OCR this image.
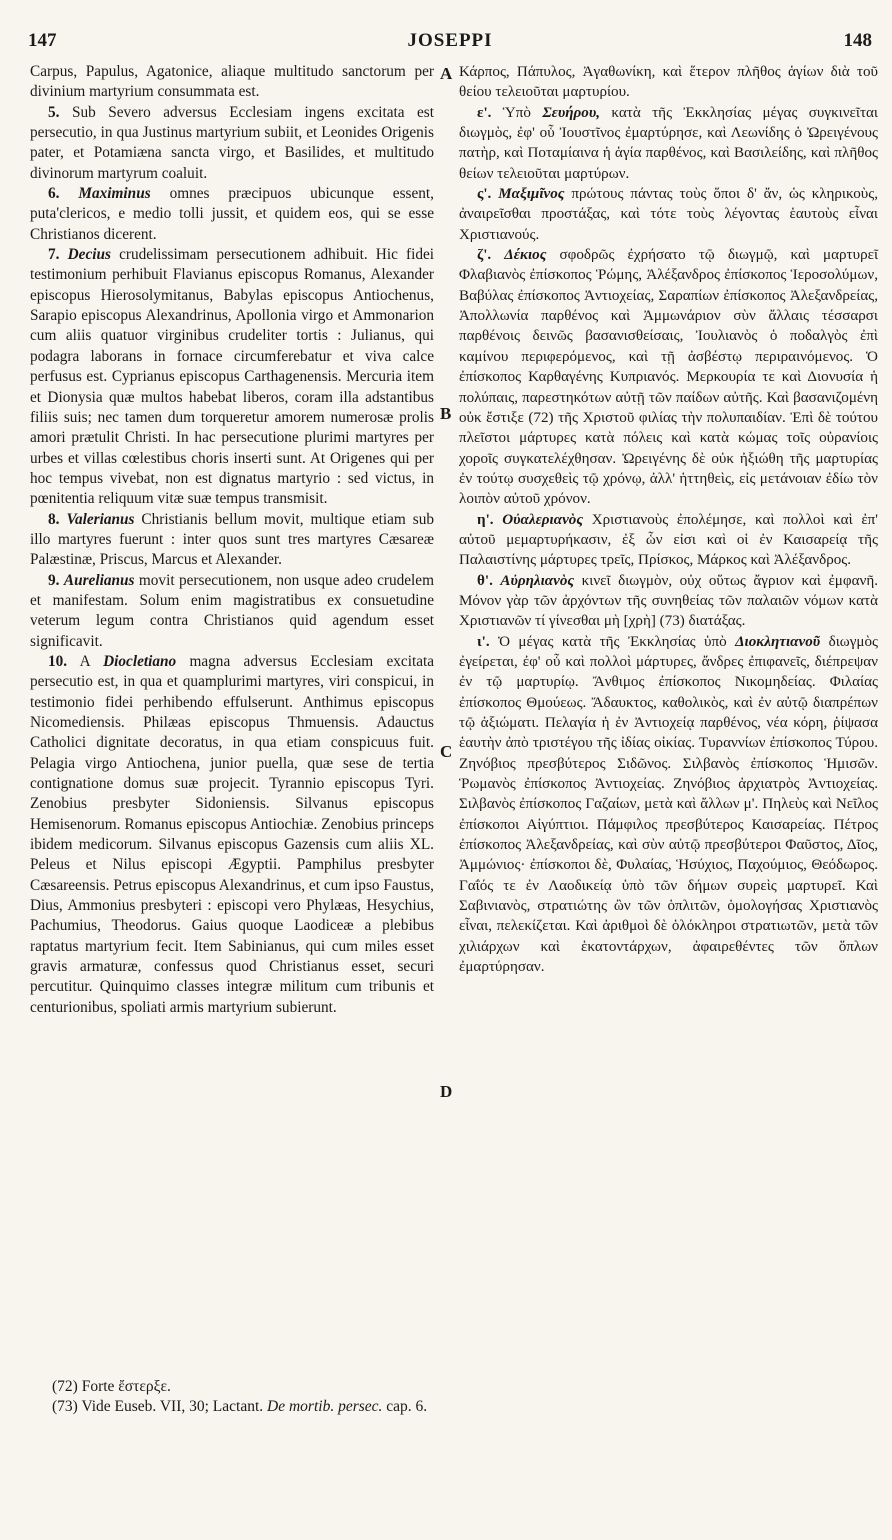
147	JOSEPPI	148

Carpus, Papulus, Agatonice, aliaque multitudo sanctorum per divinium martyrium consummata est.

5. Sub Severo adversus Ecclesiam ingens excitata est persecutio, in qua Justinus martyrium subiit, et Leonides Origenis pater, et Potamiæna sancta virgo, et Basilides, et multitudo divinorum martyrum coaluit.

6. Maximinus omnes præcipuos ubicunque essent, puta'clericos, e medio tolli jussit, et quidem eos, qui se esse Christianos dicerent.

7. Decius crudelissimam persecutionem adhibuit. Hic fidei testimonium perhibuit Flavianus episcopus Romanus, Alexander episcopus Hierosolymitanus, Babylas episcopus Antiochenus, Sarapio episcopus Alexandrinus, Apollonia virgo et Ammonarion cum aliis quatuor virginibus crudeliter tortis : Julianus, qui podagra laborans in fornace circumferebatur et viva calce perfusus est. Cyprianus episcopus Carthagenensis. Mercuria item et Dionysia quæ multos habebat liberos, coram illa adstantibus filiis suis; nec tamen dum torqueretur amorem numerosæ prolis amori prætulit Christi. In hac persecutione plurimi martyres per urbes et villas cœlestibus choris inserti sunt. At Origenes qui per hoc tempus vivebat, non est dignatus martyrio : sed victus, in pœnitentia reliquum vitæ suæ tempus transmisit.

8. Valerianus Christianis bellum movit, multique etiam sub illo martyres fuerunt : inter quos sunt tres martyres Cæsareæ Palæstinæ, Priscus, Marcus et Alexander.

9. Aurelianus movit persecutionem, non usque adeo crudelem et manifestam. Solum enim magistratibus ex consuetudine veterum legum contra Christianos quid agendum esset significavit.

10. A Diocletiano magna adversus Ecclesiam excitata persecutio est, in qua et quamplurimi martyres, viri conspicui, in testimonio fidei perhibendo effulserunt. Anthimus episcopus Nicomediensis. Philæas episcopus Thmuensis. Adauctus Catholici dignitate decoratus, in qua etiam conspicuus fuit. Pelagia virgo Antiochena, junior puella, quæ sese de tertia contignatione domus suæ projecit. Tyrannio episcopus Tyri. Zenobius presbyter Sidoniensis. Silvanus episcopus Hemisenorum. Romanus episcopus Antiochiæ. Zenobius princeps ibidem medicorum. Silvanus episcopus Gazensis cum aliis XL. Peleus et Nilus episcopi Ægyptii. Pamphilus presbyter Cæsareensis. Petrus episcopus Alexandrinus, et cum ipso Faustus, Dius, Ammonius presbyteri : episcopi vero Phylæas, Hesychius, Pachumius, Theodorus. Gaius quoque Laodiceæ a plebibus raptatus martyrium fecit. Item Sabinianus, qui cum miles esset gravis armaturæ, confessus quod Christianus esset, securi percutitur. Quinquimo classes integræ militum cum tribunis et centurionibus, spoliati armis martyrium subierunt.

A
B
C
D

Κάρπος, Πάπυλος, Ἀγαθωνίκη, καὶ ἕτερον πλῆθος ἁγίων διὰ τοῦ θείου τελειοῦται μαρτυρίου.

ε'. Ὑπὸ Σευήρου, κατὰ τῆς Ἐκκλησίας μέγας συγκινεῖται διωγμὸς, ἐφ' οὗ Ἰουστῖνος ἐμαρτύρησε, καὶ Λεωνίδης ὁ Ὠρειγένους πατὴρ, καὶ Ποταμίαινα ἡ ἁγία παρθένος, καὶ Βασιλείδης, καὶ πλῆθος θείων τελειοῦται μαρτύρων.

ς'. Μαξιμῖνος πρώτους πάντας τοὺς ὅποι δ' ἄν, ὡς κληρικοὺς, ἀναιρεῖσθαι προστάξας, καὶ τότε τοὺς λέγοντας ἑαυτοὺς εἶναι Χριστιανούς.

ζ'. Δέκιος σφοδρῶς ἐχρήσατο τῷ διωγμῷ, καὶ μαρτυρεῖ Φλαβιανὸς ἐπίσκοπος Ῥώμης, Ἀλέξανδρος ἐπίσκοπος Ἱεροσολύμων, Βαβύλας ἐπίσκοπος Ἀντιοχείας, Σαραπίων ἐπίσκοπος Ἀλεξανδρείας, Ἀπολλωνία παρθένος καὶ Ἀμμωνάριον σὺν ἄλλαις τέσσαρσι παρθένοις δεινῶς βασανισθείσαις, Ἰουλιανὸς ὁ ποδαλγὸς ἐπὶ καμίνου περιφερόμενος, καὶ τῇ ἀσβέστῳ περιραινόμενος. Ὁ ἐπίσκοπος Καρθαγένης Κυπριανός. Μερκουρία τε καὶ Διονυσία ἡ πολύπαις, παρεστηκότων αὐτῇ τῶν παίδων αὐτῆς. Καὶ βασανιζομένη οὐκ ἔστιξε (72) τῆς Χριστοῦ φιλίας τὴν πολυπαιδίαν. Ἐπὶ δὲ τούτου πλεῖστοι μάρτυρες κατὰ πόλεις καὶ κατὰ κώμας τοῖς οὐρανίοις χοροῖς συγκατελέχθησαν. Ὠρειγένης δὲ οὐκ ἠξιώθη τῆς μαρτυρίας ἐν τούτῳ συσχεθεὶς τῷ χρόνῳ, ἀλλ' ἡττηθεὶς, εἰς μετάνοιαν ἐδίω τὸν λοιπὸν αὐτοῦ χρόνον.

η'. Οὐαλεριανὸς Χριστιανοὺς ἐπολέμησε, καὶ πολλοὶ καὶ ἐπ' αὐτοῦ μεμαρτυρήκασιν, ἐξ ὧν εἰσι καὶ οἱ ἐν Καισαρείᾳ τῆς Παλαιστίνης μάρτυρες τρεῖς, Πρίσκος, Μάρκος καὶ Ἀλέξανδρος.

θ'. Αὐρηλιανὸς κινεῖ διωγμὸν, οὐχ οὕτως ἄγριον καὶ ἐμφανῆ. Μόνον γὰρ τῶν ἀρχόντων τῆς συνηθείας τῶν παλαιῶν νόμων κατὰ Χριστιανῶν τί γίνεσθαι μὴ [χρὴ] (73) διατάξας.

ι'. Ὁ μέγας κατὰ τῆς Ἐκκλησίας ὑπὸ Διοκλητιανοῦ διωγμὸς ἐγείρεται, ἐφ' οὗ καὶ πολλοὶ μάρτυρες, ἄνδρες ἐπιφανεῖς, διέπρεψαν ἐν τῷ μαρτυρίῳ. Ἄνθιμος ἐπίσκοπος Νικομηδείας. Φιλαίας ἐπίσκοπος Θμούεως. Ἄδαυκτος, καθολικὸς, καὶ ἐν αὐτῷ διαπρέπων τῷ ἀξιώματι. Πελαγία ἡ ἐν Ἀντιοχείᾳ παρθένος, νέα κόρη, ῥίψασα ἑαυτὴν ἀπὸ τριστέγου τῆς ἰδίας οἰκίας. Τυραννίων ἐπίσκοπος Τύρου. Ζηνόβιος πρεσβύτερος Σιδῶνος. Σιλβανὸς ἐπίσκοπος Ἡμισῶν. Ῥωμανὸς ἐπίσκοπος Ἀντιοχείας. Ζηνόβιος ἀρχιατρὸς Ἀντιοχείας. Σιλβανὸς ἐπίσκοπος Γαζαίων, μετὰ καὶ ἄλλων μ'. Πηλεὺς καὶ Νεῖλος ἐπίσκοποι Αἰγύπτιοι. Πάμφιλος πρεσβύτερος Καισαρείας. Πέτρος ἐπίσκοπος Ἀλεξανδρείας, καὶ σὺν αὐτῷ πρεσβύτεροι Φαῦστος, Δῖος, Ἀμμώνιος· ἐπίσκοποι δὲ, Φυλαίας, Ἡσύχιος, Παχούμιος, Θεόδωρος. Γαΐός τε ἐν Λαοδικείᾳ ὑπὸ τῶν δήμων συρεὶς μαρτυρεῖ. Καὶ Σαβινιανὸς, στρατιώτης ὢν τῶν ὁπλιτῶν, ὁμολογήσας Χριστιανὸς εἶναι, πελεκίζεται. Καὶ ἀριθμοὶ δὲ ὁλόκληροι στρατιωτῶν, μετὰ τῶν χιλιάρχων καὶ ἑκατοντάρχων, ἀφαιρεθέντες τῶν ὅπλων ἐμαρτύρησαν.

(72) Forte ἔστερξε.
(73) Vide Euseb. VII, 30; Lactant. De mortib. persec. cap. 6.
